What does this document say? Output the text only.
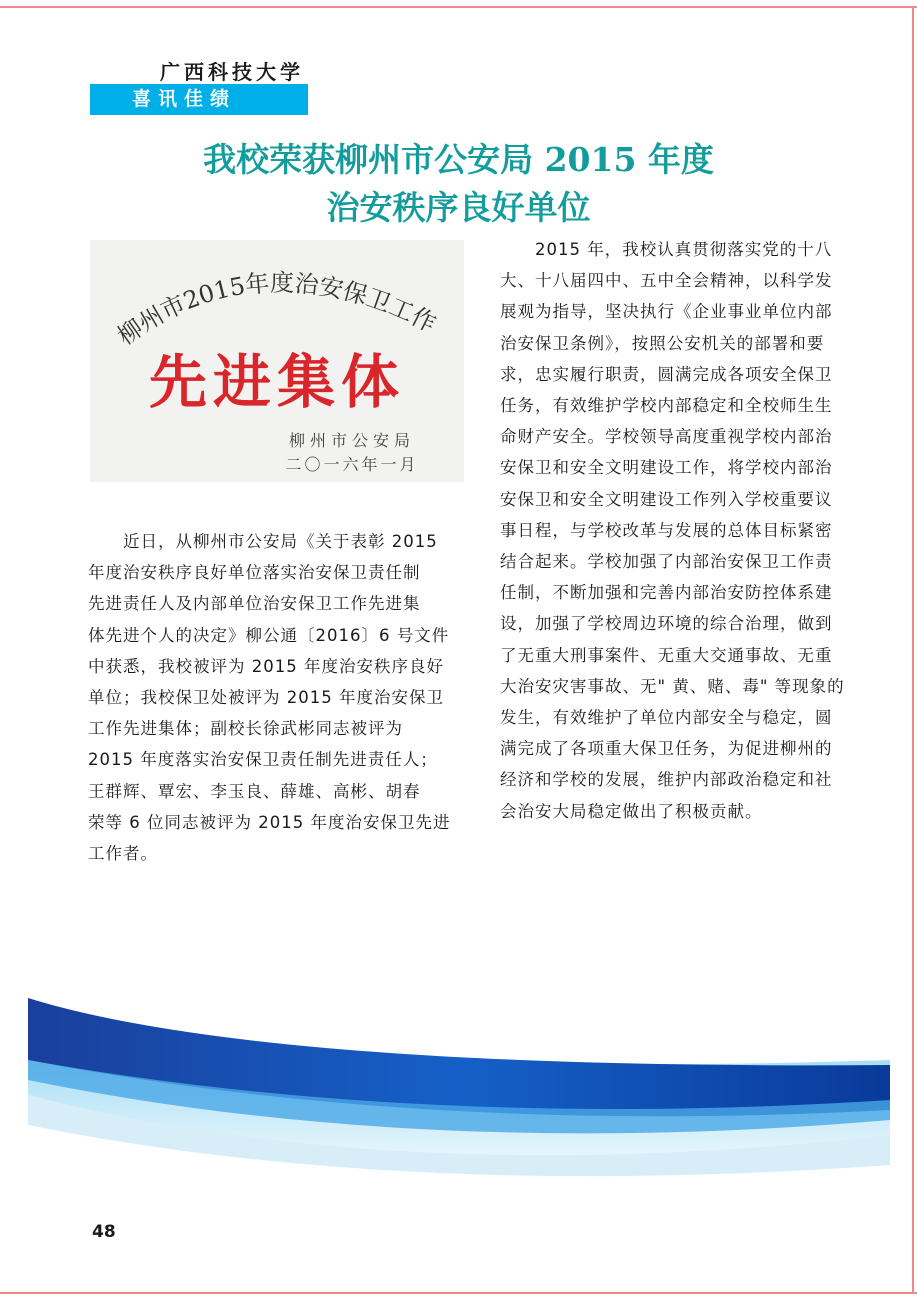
广西科技大学
喜讯佳绩
我校荣获柳州市公安局 2015 年度
治安秩序良好单位
柳州市2015年度治安保卫工作
先进集体
柳州市公安局
二〇一六年一月
　　近日，从柳州市公安局《关于表彰 2015
年度治安秩序良好单位落实治安保卫责任制
先进责任人及内部单位治安保卫工作先进集
体先进个人的决定》柳公通〔2016〕6 号文件
中获悉，我校被评为 2015 年度治安秩序良好
单位；我校保卫处被评为 2015 年度治安保卫
工作先进集体；副校长徐武彬同志被评为
2015 年度落实治安保卫责任制先进责任人；
王群辉、覃宏、李玉良、薛雄、高彬、胡春
荣等 6 位同志被评为 2015 年度治安保卫先进
工作者。
　　2015 年，我校认真贯彻落实党的十八
大、十八届四中、五中全会精神，以科学发
展观为指导，坚决执行《企业事业单位内部
治安保卫条例》，按照公安机关的部署和要
求，忠实履行职责，圆满完成各项安全保卫
任务，有效维护学校内部稳定和全校师生生
命财产安全。学校领导高度重视学校内部治
安保卫和安全文明建设工作，将学校内部治
安保卫和安全文明建设工作列入学校重要议
事日程，与学校改革与发展的总体目标紧密
结合起来。学校加强了内部治安保卫工作责
任制，不断加强和完善内部治安防控体系建
设，加强了学校周边环境的综合治理，做到
了无重大刑事案件、无重大交通事故、无重
大治安灾害事故、无" 黄、赌、毒" 等现象的
发生，有效维护了单位内部安全与稳定，圆
满完成了各项重大保卫任务，为促进柳州的
经济和学校的发展，维护内部政治稳定和社
会治安大局稳定做出了积极贡献。
48
